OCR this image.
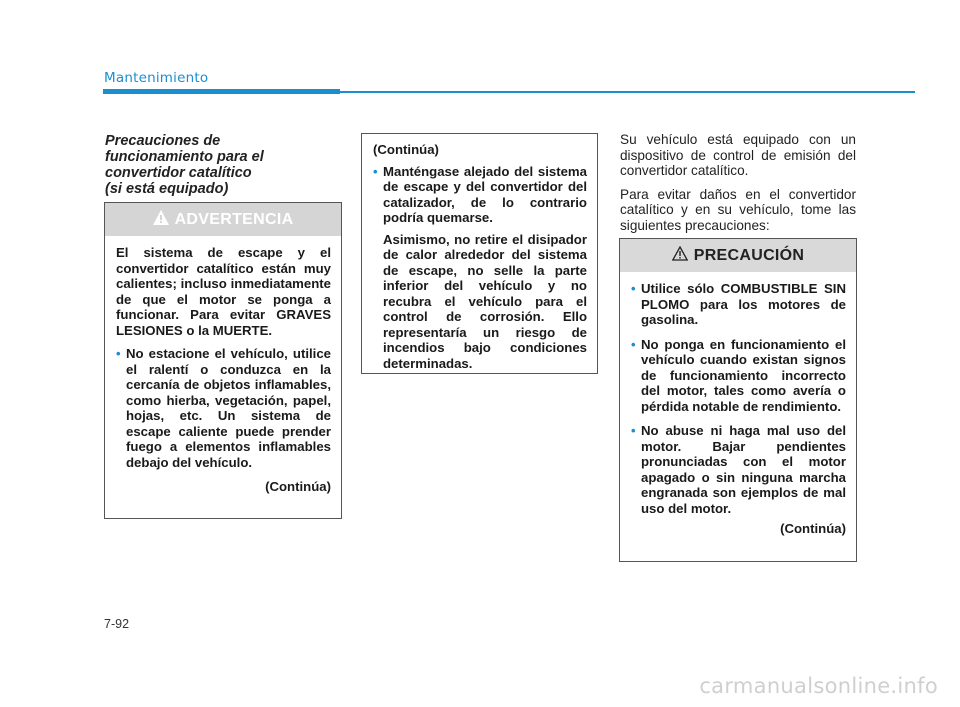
Mantenimiento
Precauciones de
funcionamiento para el
convertidor catalítico
(si está equipado)
ADVERTENCIA

El sistema de escape y el convertidor catalítico están muy calientes; incluso inmediatamente de que el motor se ponga a funcionar. Para evitar GRAVES LESIONES o la MUERTE.

• No estacione el vehículo, utilice el ralentí o conduzca en la cercanía de objetos inflamables, como hierba, vegetación, papel, hojas, etc. Un sistema de escape caliente puede prender fuego a elementos inflamables debajo del vehículo.

(Continúa)

(Continúa)

• Manténgase alejado del sistema de escape y del convertidor del catalizador, de lo contrario podría quemarse.

Asimismo, no retire el disipador de calor alrededor del sistema de escape, no selle la parte inferior del vehículo y no recubra el vehículo para el control de corrosión. Ello representaría un riesgo de incendios bajo condiciones determinadas.

Su vehículo está equipado con un dispositivo de control de emisión del convertidor catalítico.

Para evitar daños en el convertidor catalítico y en su vehículo, tome las siguientes precauciones:

PRECAUCIÓN
• Utilice sólo COMBUSTIBLE SIN PLOMO para los motores de gasolina.
• No ponga en funcionamiento el vehículo cuando existan signos de funcionamiento incorrecto del motor, tales como avería o pérdida notable de rendimiento.
• No abuse ni haga mal uso del motor. Bajar pendientes pronunciadas con el motor apagado o sin ninguna marcha engranada son ejemplos de mal uso del motor.

(Continúa)

7-92
carmanualsonline.info
